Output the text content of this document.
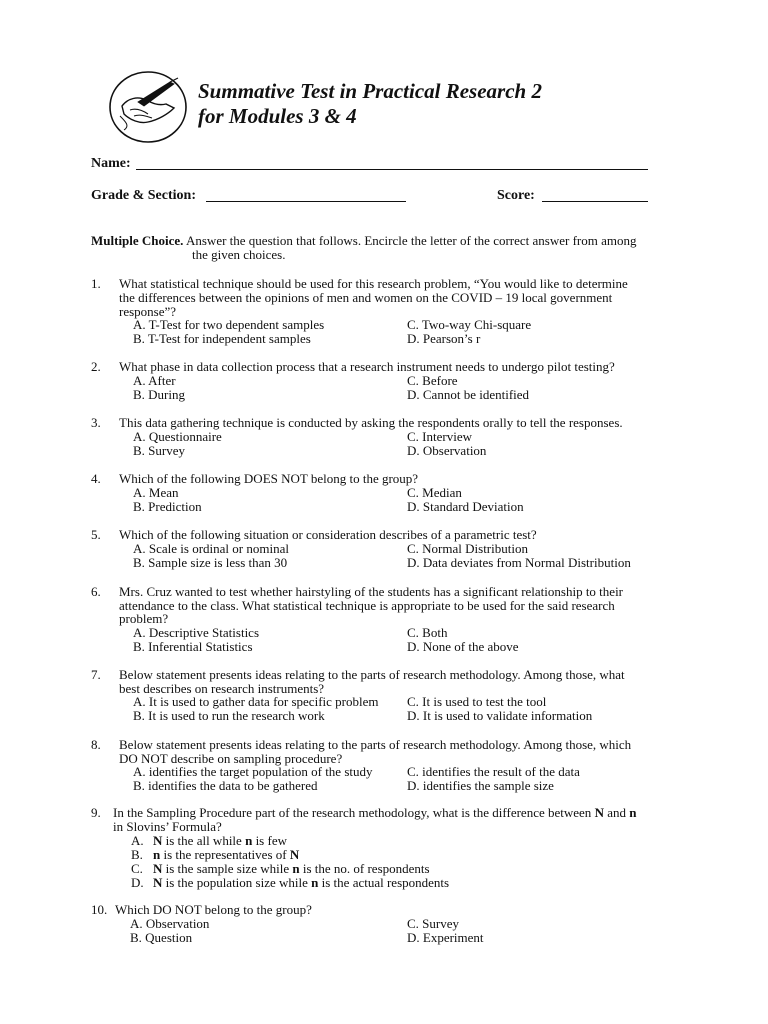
Summative Test in Practical Research 2
for Modules 3 & 4
Name:
Grade & Section:	Score:
Multiple Choice. Answer the question that follows. Encircle the letter of the correct answer from among
the given choices.
1. What statistical technique should be used for this research problem, “You would like to determine
the differences between the opinions of men and women on the COVID – 19 local government
response”?
A. T-Test for two dependent samples	C. Two-way Chi-square
B. T-Test for independent samples	D. Pearson’s r
2. What phase in data collection process that a research instrument needs to undergo pilot testing?
A. After	C. Before
B. During	D. Cannot be identified
3. This data gathering technique is conducted by asking the respondents orally to tell the responses.
A. Questionnaire	C. Interview
B. Survey	D. Observation
4. Which of the following DOES NOT belong to the group?
A. Mean	C. Median
B. Prediction	D. Standard Deviation
5. Which of the following situation or consideration describes of a parametric test?
A. Scale is ordinal or nominal	C. Normal Distribution
B. Sample size is less than 30	D. Data deviates from Normal Distribution
6. Mrs. Cruz wanted to test whether hairstyling of the students has a significant relationship to their
attendance to the class. What statistical technique is appropriate to be used for the said research
problem?
A. Descriptive Statistics	C. Both
B. Inferential Statistics	D. None of the above
7. Below statement presents ideas relating to the parts of research methodology. Among those, what
best describes on research instruments?
A. It is used to gather data for specific problem C. It is used to test the tool
B. It is used to run the research work	D. It is used to validate information
8. Below statement presents ideas relating to the parts of research methodology. Among those, which
DO NOT describe on sampling procedure?
A. identifies the target population of the study	C. identifies the result of the data
B. identifies the data to be gathered	D. identifies the sample size
9. In the Sampling Procedure part of the research methodology, what is the difference between N and n
in Slovins’ Formula?
A. N is the all while n is few
B. n is the representatives of N
C. N is the sample size while n is the no. of respondents
D. N is the population size while n is the actual respondents
10. Which DO NOT belong to the group?
A. Observation	C. Survey
B. Question	D. Experiment
